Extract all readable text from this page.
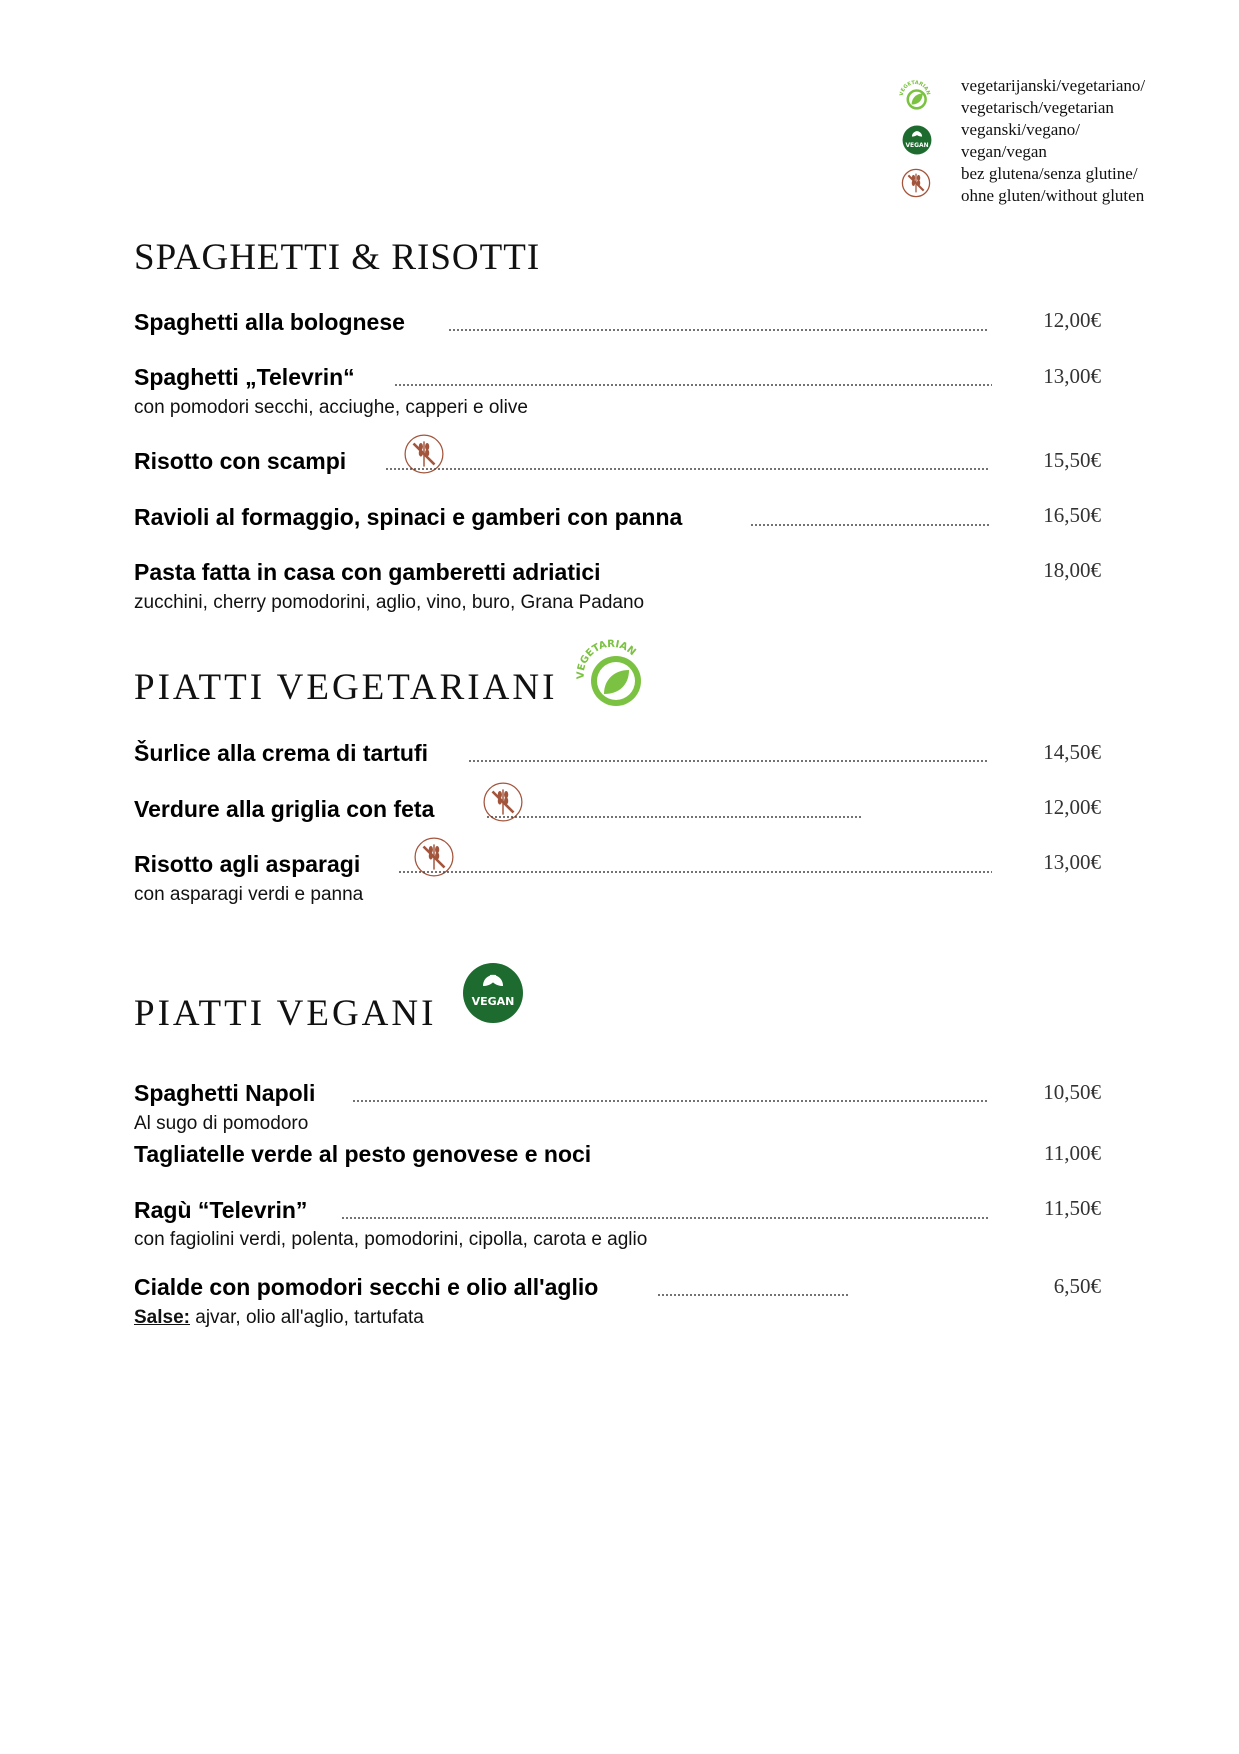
VEGETARIAN vegetarijanski/vegetariano/
vegetarisch/vegetarian
VEGAN
veganski/vegano/
vegan/vegan
bez glutena/senza glutine/
ohne gluten/without gluten
SPAGHETTI & RISOTTI
Spaghetti alla bolognese	12,00€
Spaghetti „Televrin“	13,00€
con pomodori secchi, acciughe, capperi e olive
Risotto con scampi	15,50€
Ravioli al formaggio, spinaci e gamberi con panna	16,50€
Pasta fatta in casa con gamberetti adriatici	18,00€
zucchini, cherry pomodorini, aglio, vino, buro, Grana Padano
PIATTI VEGETARIANI VEGETARIAN
Šurlice alla crema di tartufi	14,50€
Verdure alla griglia con feta	12,00€
Risotto agli asparagi	13,00€
con asparagi verdi e panna
PIATTI VEGANI	VEGAN
Spaghetti Napoli	10,50€
Al sugo di pomodoro
Tagliatelle verde al pesto genovese e noci	11,00€
Ragù “Televrin”	11,50€
con fagiolini verdi, polenta, pomodorini, cipolla, carota e aglio
Cialde con pomodori secchi e olio all'aglio	6,50€
Salse: ajvar, olio all'aglio, tartufata
